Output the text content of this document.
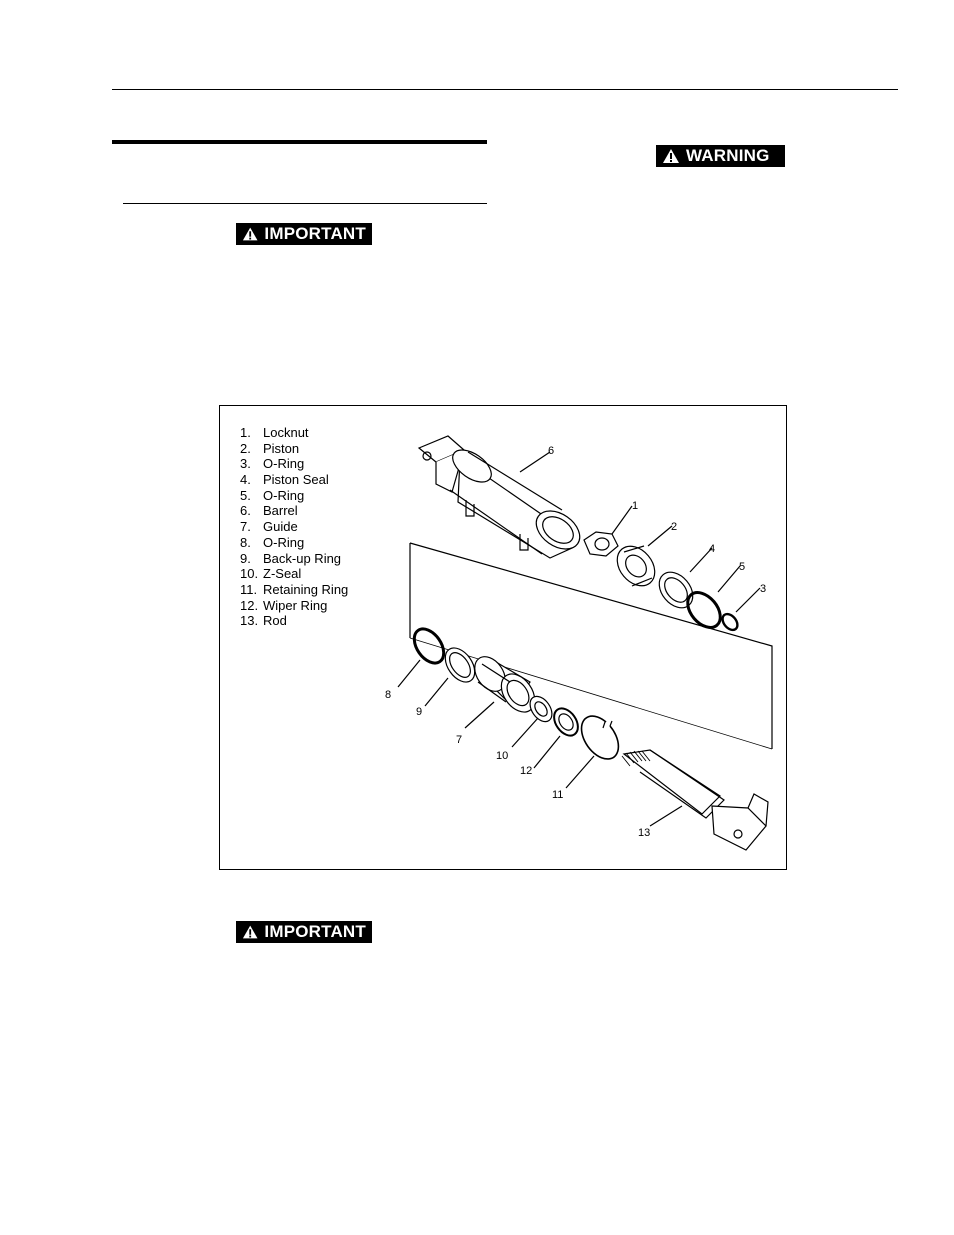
WARNING
IMPORTANT
1. Locknut
2. Piston
3. O-Ring
4. Piston Seal
5. O-Ring
6. Barrel
7. Guide
8. O-Ring
9. Back-up Ring
10. Z-Seal
11. Retaining Ring
12. Wiper Ring
13. Rod
6
1
2
4
5
3
8
9
7
10
12
11
13
IMPORTANT
